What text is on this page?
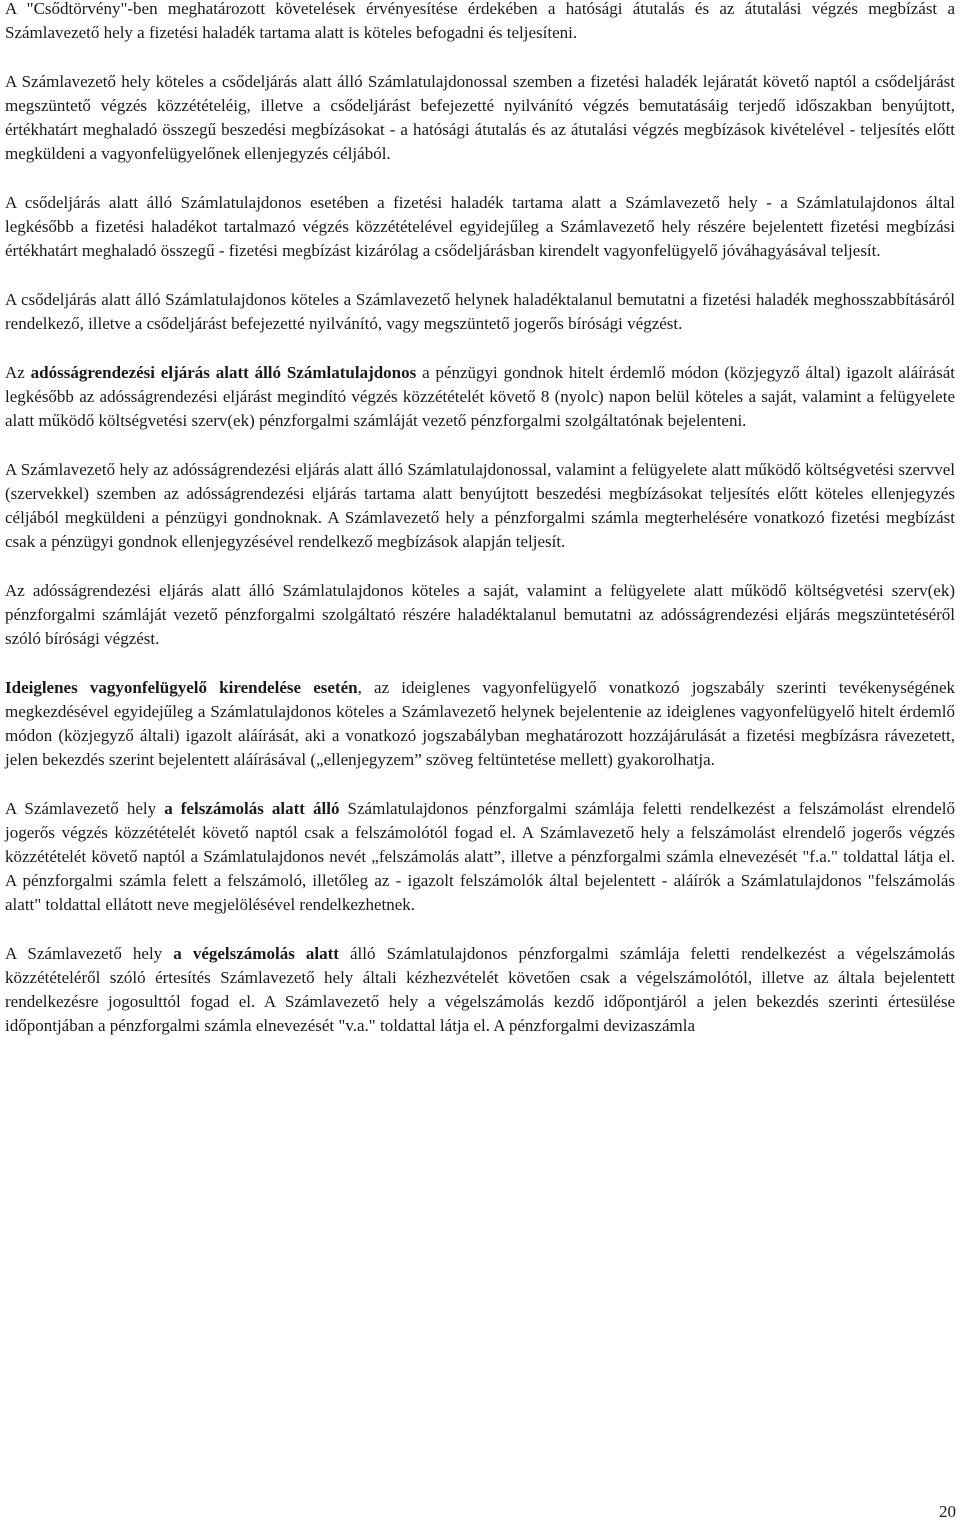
A "Csődtörvény"-ben meghatározott követelések érvényesítése érdekében a hatósági átutalás és az átutalási végzés megbízást a Számlavezető hely a fizetési haladék tartama alatt is köteles befogadni és teljesíteni.

A Számlavezető hely köteles a csődeljárás alatt álló Számlatulajdonossal szemben a fizetési haladék lejáratát követő naptól a csődeljárást megszüntető végzés közzétételéig, illetve a csődeljárást befejezetté nyilvánító végzés bemutatásáig terjedő időszakban benyújtott, értékhatárt meghaladó összegű beszedési megbízásokat - a hatósági átutalás és az átutalási végzés megbízások kivételével - teljesítés előtt megküldeni a vagyonfelügyelőnek ellenjegyzés céljából.

A csődeljárás alatt álló Számlatulajdonos esetében a fizetési haladék tartama alatt a Számlavezető hely - a Számlatulajdonos által legkésőbb a fizetési haladékot tartalmazó végzés közzétételével egyidejűleg a Számlavezető hely részére bejelentett fizetési megbízási értékhatárt meghaladó összegű - fizetési megbízást kizárólag a csődeljárásban kirendelt vagyonfelügyelő jóváhagyásával teljesít.

A csődeljárás alatt álló Számlatulajdonos köteles a Számlavezető helynek haladéktalanul bemutatni a fizetési haladék meghosszabbításáról rendelkező, illetve a csődeljárást befejezetté nyilvánító, vagy megszüntető jogerős bírósági végzést.

Az adósságrendezési eljárás alatt álló Számlatulajdonos a pénzügyi gondnok hitelt érdemlő módon (közjegyző által) igazolt aláírását legkésőbb az adósságrendezési eljárást megindító végzés közzétételét követő 8 (nyolc) napon belül köteles a saját, valamint a felügyelete alatt működő költségvetési szerv(ek) pénzforgalmi számláját vezető pénzforgalmi szolgáltatónak bejelenteni.

A Számlavezető hely az adósságrendezési eljárás alatt álló Számlatulajdonossal, valamint a felügyelete alatt működő költségvetési szervvel (szervekkel) szemben az adósságrendezési eljárás tartama alatt benyújtott beszedési megbízásokat teljesítés előtt köteles ellenjegyzés céljából megküldeni a pénzügyi gondnoknak. A Számlavezető hely a pénzforgalmi számla megterhelésére vonatkozó fizetési megbízást csak a pénzügyi gondnok ellenjegyzésével rendelkező megbízások alapján teljesít.

Az adósságrendezési eljárás alatt álló Számlatulajdonos köteles a saját, valamint a felügyelete alatt működő költségvetési szerv(ek) pénzforgalmi számláját vezető pénzforgalmi szolgáltató részére haladéktalanul bemutatni az adósságrendezési eljárás megszüntetéséről szóló bírósági végzést.

Ideiglenes vagyonfelügyelő kirendelése esetén, az ideiglenes vagyonfelügyelő vonatkozó jogszabály szerinti tevékenységének megkezdésével egyidejűleg a Számlatulajdonos köteles a Számlavezető helynek bejelentenie az ideiglenes vagyonfelügyelő hitelt érdemlő módon (közjegyző általi) igazolt aláírását, aki a vonatkozó jogszabályban meghatározott hozzájárulását a fizetési megbízásra rávezetett, jelen bekezdés szerint bejelentett aláírásával („ellenjegyzem” szöveg feltüntetése mellett) gyakorolhatja.

A Számlavezető hely a felszámolás alatt álló Számlatulajdonos pénzforgalmi számlája feletti rendelkezést a felszámolást elrendelő jogerős végzés közzétételét követő naptól csak a felszámolótól fogad el. A Számlavezető hely a felszámolást elrendelő jogerős végzés közzétételét követő naptól a Számlatulajdonos nevét „felszámolás alatt”, illetve a pénzforgalmi számla elnevezését "f.a." toldattal látja el. A pénzforgalmi számla felett a felszámoló, illetőleg az - igazolt felszámolók által bejelentett - aláírók a Számlatulajdonos "felszámolás alatt" toldattal ellátott neve megjelölésével rendelkezhetnek.

A Számlavezető hely a végelszámolás alatt álló Számlatulajdonos pénzforgalmi számlája feletti rendelkezést a végelszámolás közzétételéről szóló értesítés Számlavezető hely általi kézhezvételét követően csak a végelszámolótól, illetve az általa bejelentett rendelkezésre jogosulttól fogad el. A Számlavezető hely a végelszámolás kezdő időpontjáról a jelen bekezdés szerinti értesülése időpontjában a pénzforgalmi számla elnevezését "v.a." toldattal látja el. A pénzforgalmi devizaszámla

20
